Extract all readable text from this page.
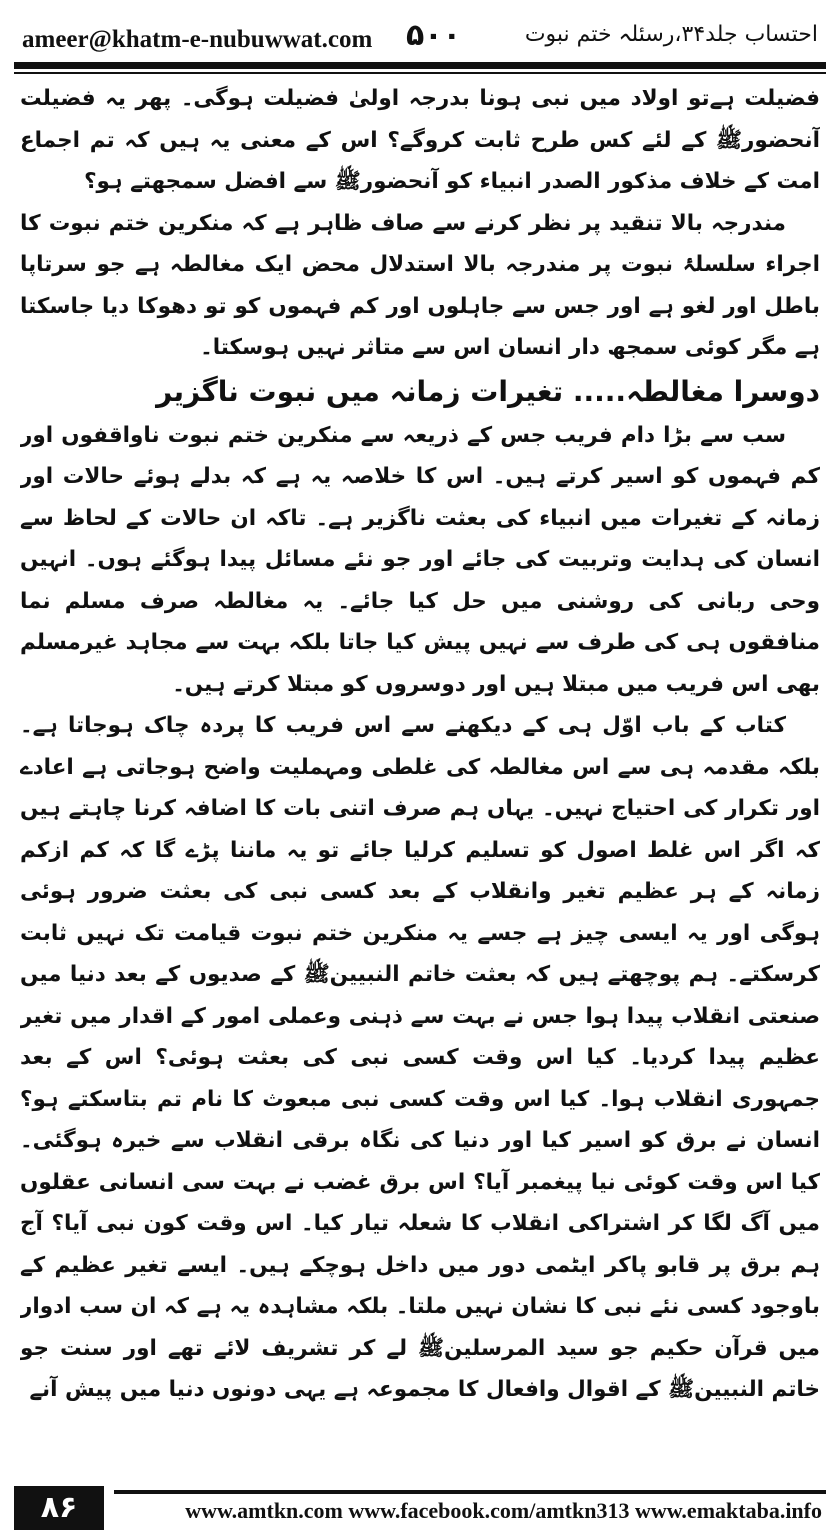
ameer@khatm-e-nubuwwat.com ۵۰۰	احتساب جلد۳۴،رسئلہ ختم نبوت

فضیلت ہےتو اولاد میں نبی ہونا بدرجہ اولیٰ فضیلت ہوگی۔ پھر یہ فضیلت آنحضورﷺ کے لئے کس طرح ثابت کروگے؟ اس کے معنی یہ ہیں کہ تم اجماع امت کے خلاف مذکور الصدر انبیاء کو آنحضورﷺ سے افضل سمجھتے ہو؟

مندرجہ بالا تنقید پر نظر کرنے سے صاف ظاہر ہے کہ منکرین ختم نبوت کا اجراء سلسلۂ نبوت پر مندرجہ بالا استدلال محض ایک مغالطہ ہے جو سرتاپا باطل اور لغو ہے اور جس سے جاہلوں اور کم فہموں کو تو دھوکا دیا جاسکتا ہے مگر کوئی سمجھ دار انسان اس سے متاثر نہیں ہوسکتا۔

دوسرا مغالطہ..... تغیرات زمانہ میں نبوت ناگزیر

سب سے بڑا دام فریب جس کے ذریعہ سے منکرین ختم نبوت ناواقفوں اور کم فہموں کو اسیر کرتے ہیں۔ اس کا خلاصہ یہ ہے کہ بدلے ہوئے حالات اور زمانہ کے تغیرات میں انبیاء کی بعثت ناگزیر ہے۔ تاکہ ان حالات کے لحاظ سے انسان کی ہدایت وتربیت کی جائے اور جو نئے مسائل پیدا ہوگئے ہوں۔ انہیں وحی ربانی کی روشنی میں حل کیا جائے۔ یہ مغالطہ صرف مسلم نما منافقوں ہی کی طرف سے نہیں پیش کیا جاتا بلکہ بہت سے مجاہد غیرمسلم بھی اس فریب میں مبتلا ہیں اور دوسروں کو مبتلا کرتے ہیں۔

کتاب کے باب اوّل ہی کے دیکھنے سے اس فریب کا پردہ چاک ہوجاتا ہے۔ بلکہ مقدمہ ہی سے اس مغالطہ کی غلطی ومہملیت واضح ہوجاتی ہے اعادے اور تکرار کی احتیاج نہیں۔ یہاں ہم صرف اتنی بات کا اضافہ کرنا چاہتے ہیں کہ اگر اس غلط اصول کو تسلیم کرلیا جائے تو یہ ماننا پڑے گا کہ کم ازکم زمانہ کے ہر عظیم تغیر وانقلاب کے بعد کسی نبی کی بعثت ضرور ہوئی ہوگی اور یہ ایسی چیز ہے جسے یہ منکرین ختم نبوت قیامت تک نہیں ثابت کرسکتے۔ ہم پوچھتے ہیں کہ بعثت خاتم النبیینﷺ کے صدیوں کے بعد دنیا میں صنعتی انقلاب پیدا ہوا جس نے بہت سے ذہنی وعملی امور کے اقدار میں تغیر عظیم پیدا کردیا۔ کیا اس وقت کسی نبی کی بعثت ہوئی؟ اس کے بعد جمہوری انقلاب ہوا۔ کیا اس وقت کسی نبی مبعوث کا نام تم بتاسکتے ہو؟ انسان نے برق کو اسیر کیا اور دنیا کی نگاہ برقی انقلاب سے خیرہ ہوگئی۔ کیا اس وقت کوئی نیا پیغمبر آیا؟ اس برق غضب نے بہت سی انسانی عقلوں میں آگ لگا کر اشتراکی انقلاب کا شعلہ تیار کیا۔ اس وقت کون نبی آیا؟ آج ہم برق پر قابو پاکر ایٹمی دور میں داخل ہوچکے ہیں۔ ایسے تغیر عظیم کے باوجود کسی نئے نبی کا نشان نہیں ملتا۔ بلکہ مشاہدہ یہ ہے کہ ان سب ادوار میں قرآن حکیم جو سید المرسلینﷺ لے کر تشریف لائے تھے اور سنت جو خاتم النبیینﷺ کے اقوال وافعال کا مجموعہ ہے یہی دونوں دنیا میں پیش آنے

۸۶	www.amtkn.com www.facebook.com/amtkn313 www.emaktaba.info
